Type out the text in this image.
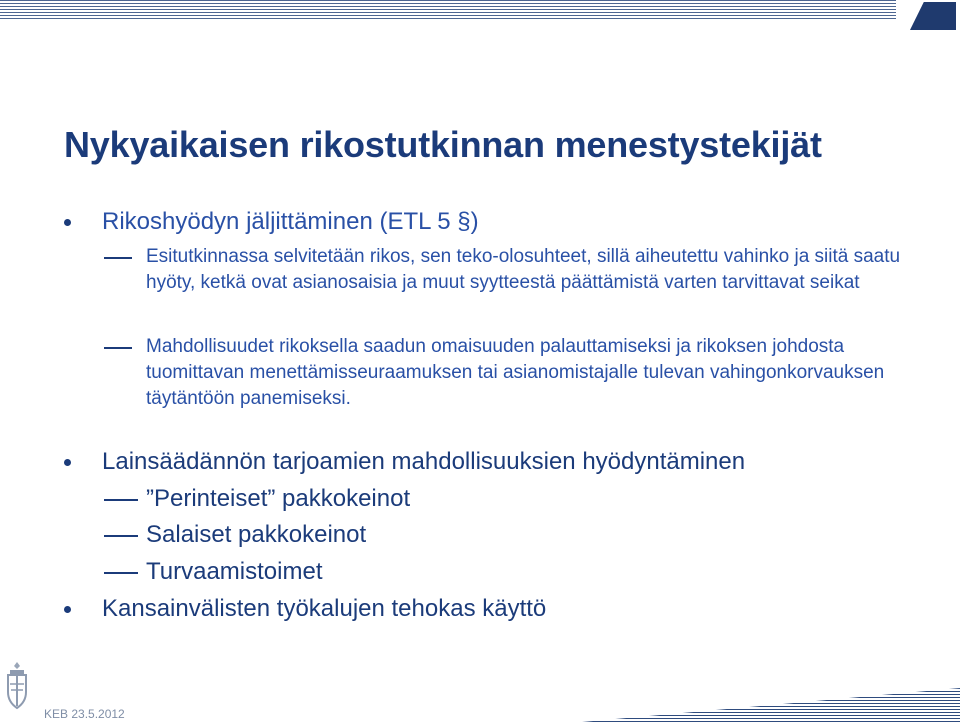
Nykyaikaisen rikostutkinnan menestystekijät
Rikoshyödyn jäljittäminen (ETL 5 §)
Esitutkinnassa selvitetään rikos, sen teko-olosuhteet, sillä aiheutettu vahinko ja siitä saatu hyöty, ketkä ovat asianosaisia ja muut syytteestä päättämistä varten tarvittavat seikat
Mahdollisuudet rikoksella saadun omaisuuden palauttamiseksi ja rikoksen johdosta tuomittavan menettämisseuraamuksen tai asianomistajalle tulevan vahingonkorvauksen täytäntöön panemiseksi.
Lainsäädännön tarjoamien mahdollisuuksien hyödyntäminen
”Perinteiset” pakkokeinot
Salaiset pakkokeinot
Turvaamistoimet
Kansainvälisten työkalujen tehokas käyttö
KEB 23.5.2012
